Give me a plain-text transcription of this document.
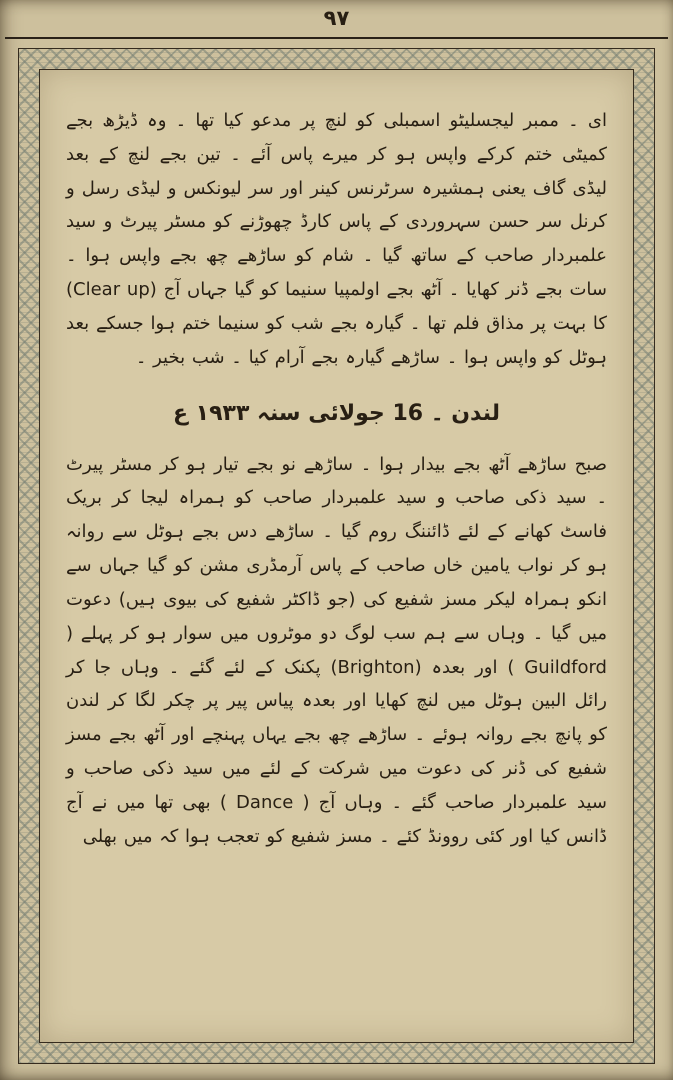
۹۷

ای ۔ ممبر لیجسلیٹو اسمبلی کو لنچ پر مدعو کیا تھا ۔ وہ ڈیڑھ بجے کمیٹی ختم کرکے واپس ہو کر میرے پاس آئے ۔ تین بجے لنچ کے بعد لیڈی گاف یعنی ہمشیرہ سرٹرنس کینر اور سر لیونکس و لیڈی رسل و کرنل سر حسن سہروردی کے پاس کارڈ چھوڑنے کو مسٹر پیرٹ و سید علمبردار صاحب کے ساتھ گیا ۔ شام کو ساڑھے چھ بجے واپس ہوا ۔ سات بجے ڈنر کھایا ۔ آٹھ بجے اولمپیا سنیما کو گیا جہاں آج (Clear up) کا بہت پر مذاق فلم تھا ۔ گیارہ بجے شب کو سنیما ختم ہوا جسکے بعد ہوٹل کو واپس ہوا ۔ ساڑھے گیارہ بجے آرام کیا ۔ شب بخیر ۔

لندن ۔ 16 جولائی سنہ ۱۹۳۳ ع

صبح ساڑھے آٹھ بجے بیدار ہوا ۔ ساڑھے نو بجے تیار ہو کر مسٹر پیرٹ ۔ سید ذکی صاحب و سید علمبردار صاحب کو ہمراہ لیجا کر بریک فاسٹ کھانے کے لئے ڈائننگ روم گیا ۔ ساڑھے دس بجے ہوٹل سے روانہ ہو کر نواب یامین خاں صاحب کے پاس آرمڈری مشن کو گیا جہاں سے انکو ہمراہ لیکر مسز شفیع کی (جو ڈاکٹر شفیع کی بیوی ہیں) دعوت میں گیا ۔ وہاں سے ہم سب لوگ دو موٹروں میں سوار ہو کر پہلے ( Guildford ) اور بعدہ (Brighton) پکنک کے لئے گئے ۔ وہاں جا کر رائل البین ہوٹل میں لنچ کھایا اور بعدہ پیاس پیر پر چکر لگا کر لندن کو پانچ بجے روانہ ہوئے ۔ ساڑھے چھ بجے یہاں پہنچے اور آٹھ بجے مسز شفیع کی ڈنر کی دعوت میں شرکت کے لئے میں سید ذکی صاحب و سید علمبردار صاحب گئے ۔ وہاں آج ( Dance ) بھی تھا میں نے آج ڈانس کیا اور کئی روونڈ کئے ۔ مسز شفیع کو تعجب ہوا کہ میں بھلی
